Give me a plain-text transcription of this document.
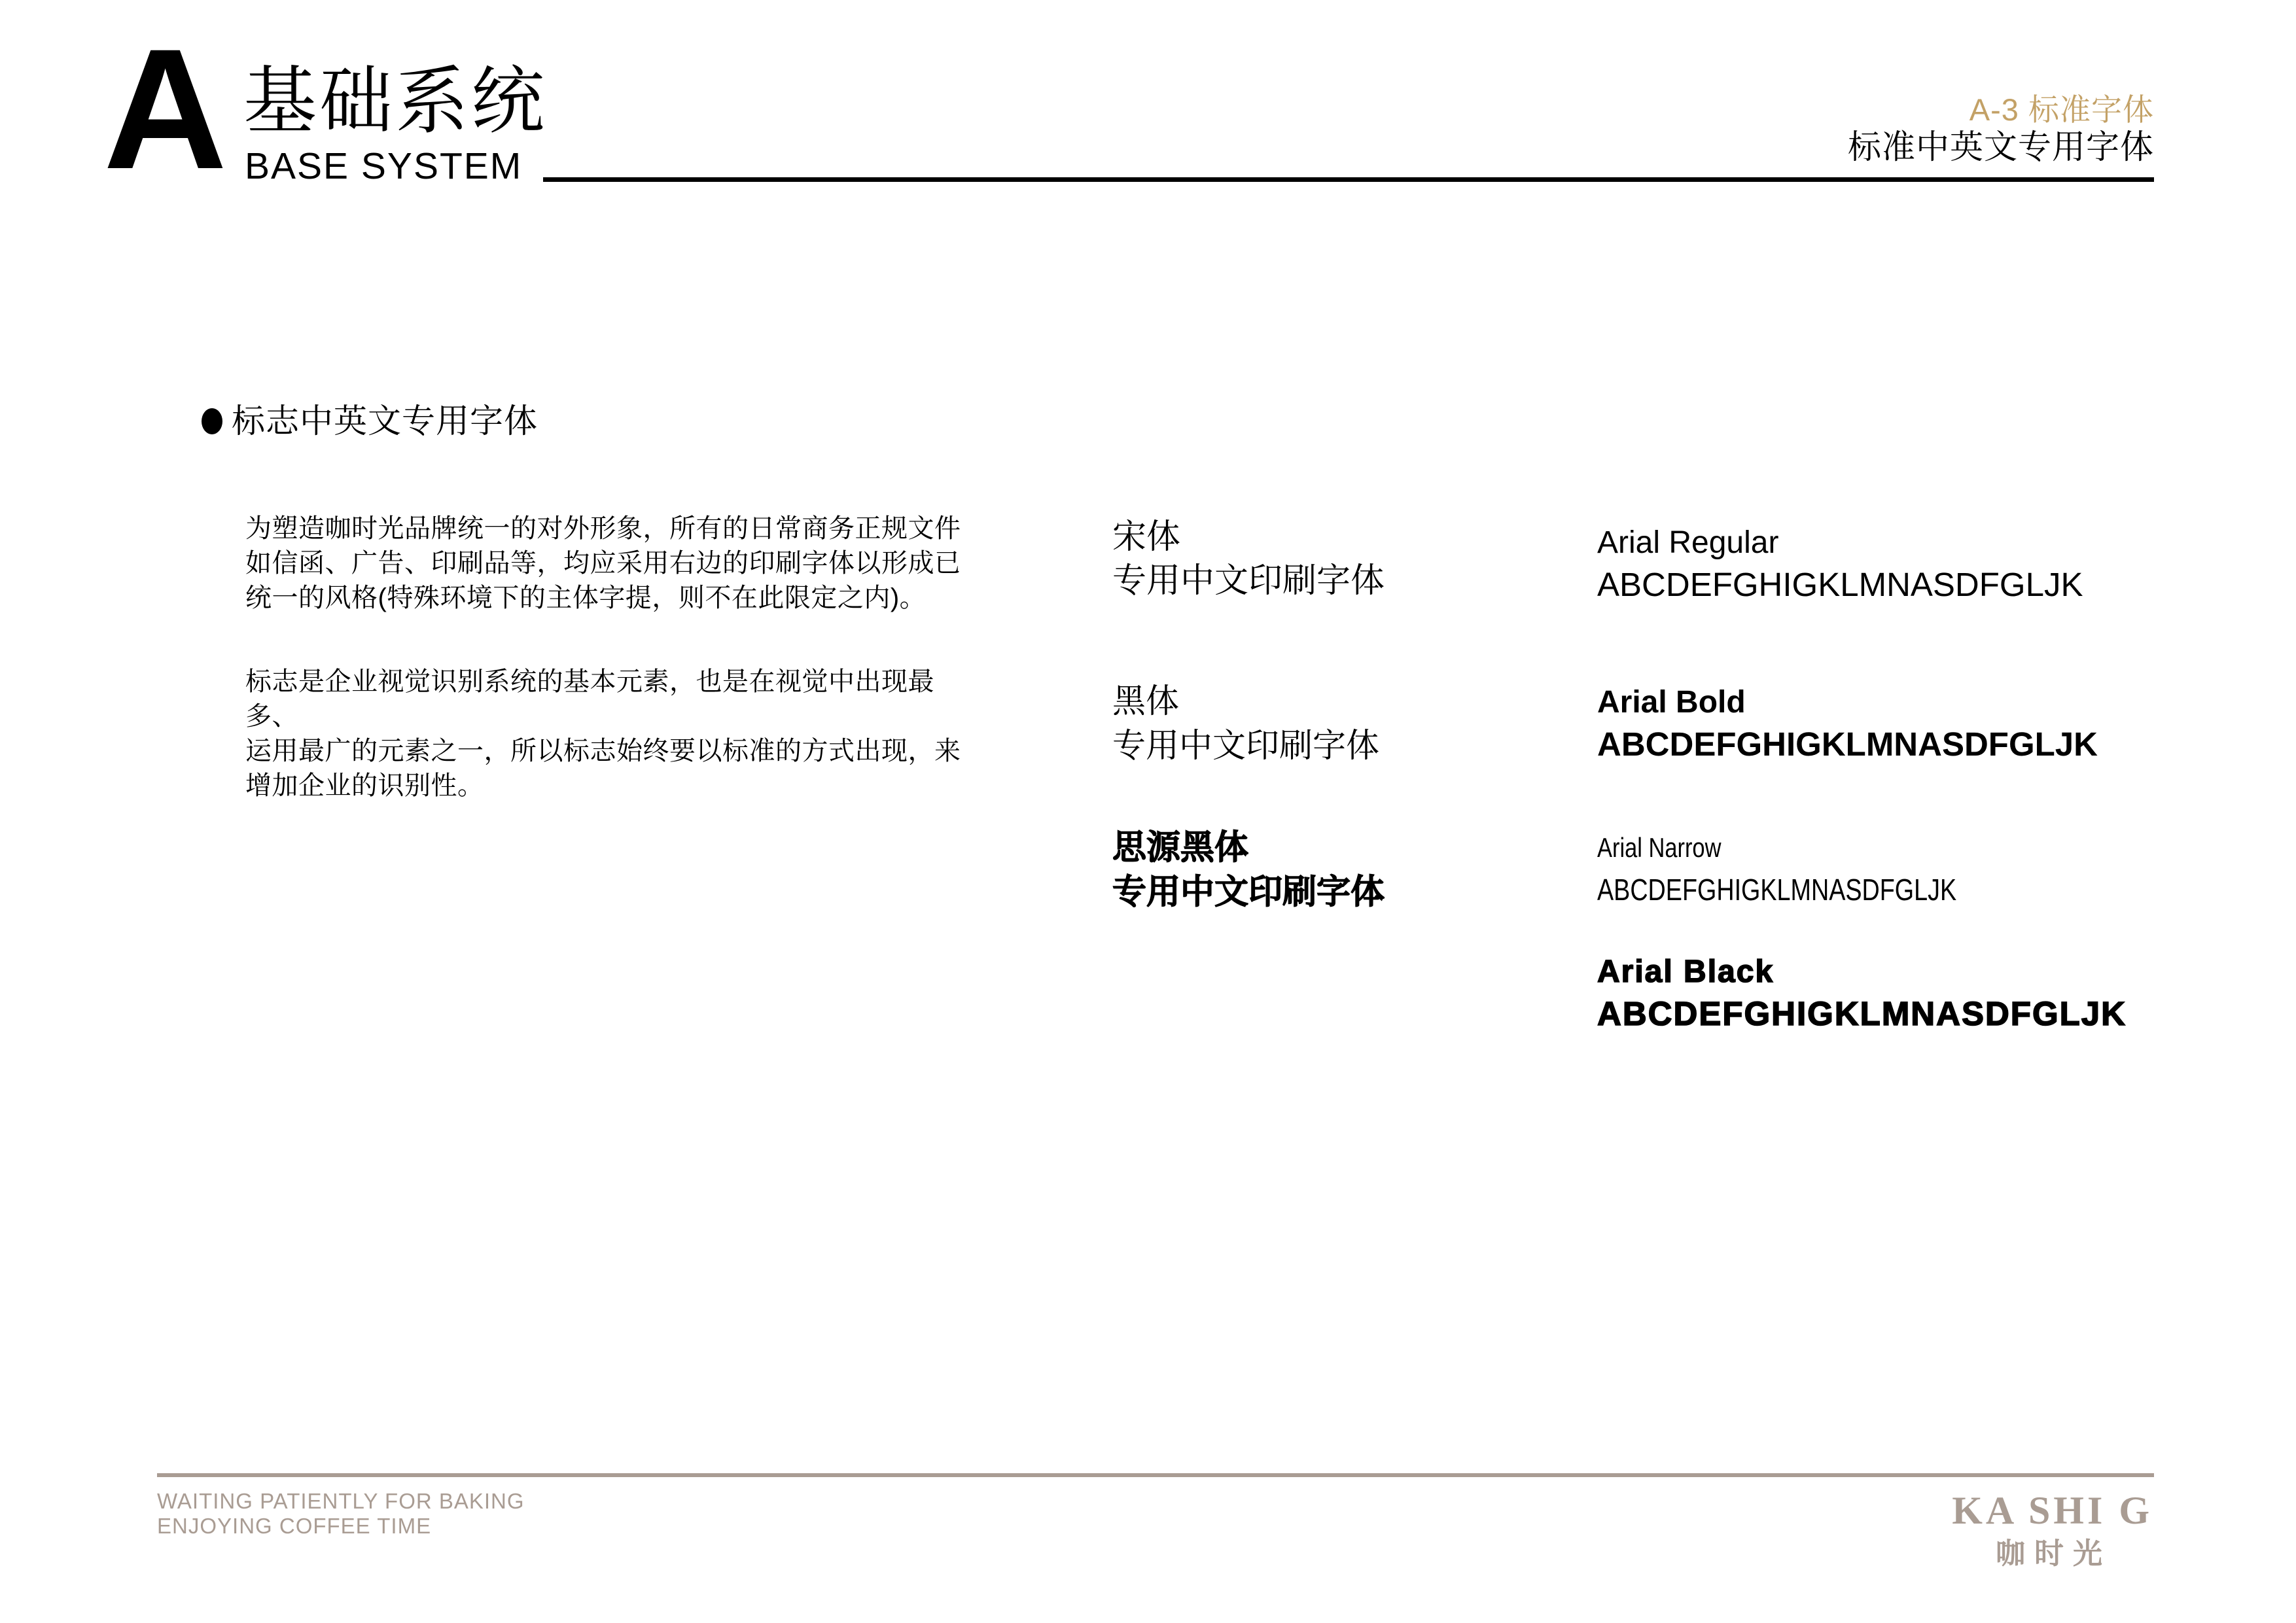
A 基础系统
BASE SYSTEM
A-3 标准字体
标准中英文专用字体
标志中英文专用字体
为塑造咖时光品牌统一的对外形象，所有的日常商务正规文件
如信函、广告、印刷品等，均应采用右边的印刷字体以形成已
统一的风格(特殊环境下的主体字提，则不在此限定之内)。
标志是企业视觉识别系统的基本元素，也是在视觉中出现最多、
运用最广的元素之一，所以标志始终要以标准的方式出现，来
增加企业的识别性。
宋体
专用中文印刷字体
黑体
专用中文印刷字体
思源黑体
专用中文印刷字体
Arial Regular
ABCDEFGHIGKLMNASDFGLJK
Arial Bold
ABCDEFGHIGKLMNASDFGLJK
Arial Narrow
ABCDEFGHIGKLMNASDFGLJK
Arial Black
ABCDEFGHIGKLMNASDFGLJK
WAITING PATIENTLY FOR BAKING
ENJOYING COFFEE TIME	KA SHI G
咖时光
